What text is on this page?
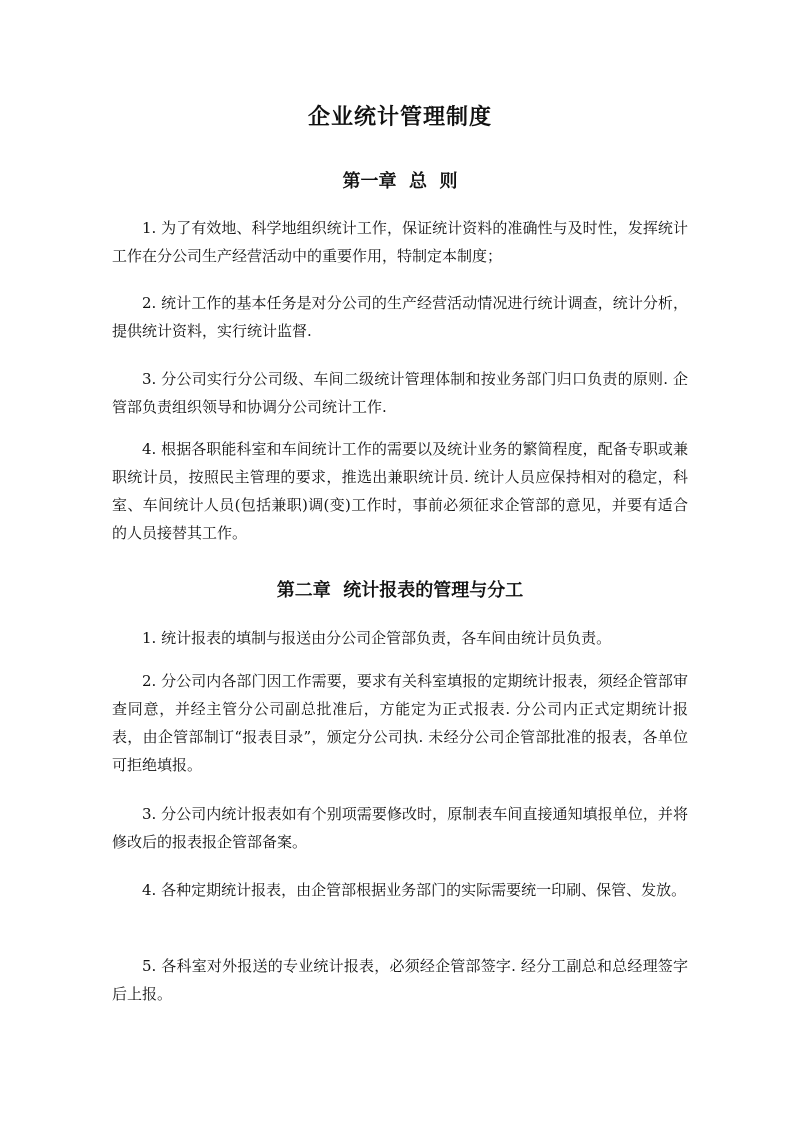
企业统计管理制度
第一章  总  则

1. 为了有效地、科学地组织统计工作，保证统计资料的准确性与及时性，发挥统计工作在分公司生产经营活动中的重要作用，特制定本制度；

2. 统计工作的基本任务是对分公司的生产经营活动情况进行统计调查，统计分析，提供统计资料，实行统计监督.

3. 分公司实行分公司级、车间二级统计管理体制和按业务部门归口负责的原则. 企管部负责组织领导和协调分公司统计工作.

4. 根据各职能科室和车间统计工作的需要以及统计业务的繁简程度，配备专职或兼职统计员，按照民主管理的要求，推选出兼职统计员. 统计人员应保持相对的稳定，科室、车间统计人员(包括兼职)调(变)工作时，事前必须征求企管部的意见，并要有适合的人员接替其工作。

第二章  统计报表的管理与分工

1. 统计报表的填制与报送由分公司企管部负责，各车间由统计员负责。

2. 分公司内各部门因工作需要，要求有关科室填报的定期统计报表，须经企管部审查同意，并经主管分公司副总批准后，方能定为正式报表. 分公司内正式定期统计报表，由企管部制订“报表目录”，颁定分公司执. 未经分公司企管部批准的报表，各单位可拒绝填报。

3. 分公司内统计报表如有个别项需要修改时，原制表车间直接通知填报单位，并将修改后的报表报企管部备案。

4. 各种定期统计报表，由企管部根据业务部门的实际需要统一印刷、保管、发放。

5. 各科室对外报送的专业统计报表，必须经企管部签字. 经分工副总和总经理签字后上报。
